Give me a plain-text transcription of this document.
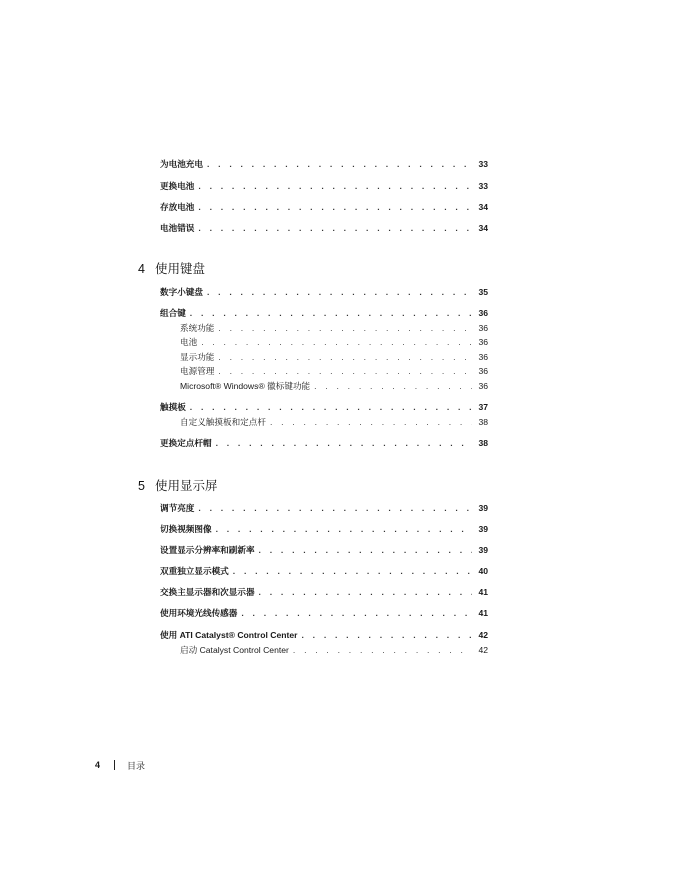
为电池充电 . . .	33
更换电池 . . .	33
存放电池 . . .	34
电池错误 . . .	34
4 使用键盘
数字小键盘 . . .	35
组合键 . . .	36
系统功能 . . .	36
电池 . . .	36
显示功能 . . .	36
电源管理 . . .	36
Microsoft® Windows® 徽标键功能 . . .	36
触摸板 . . .	37
自定义触摸板和定点杆 . . .	38
更换定点杆帽 . . .	38
5 使用显示屏
调节亮度 . . .	39
切换视频图像 . . .	39
设置显示分辨率和刷新率 . . .	39
双重独立显示模式 . . .	40
交换主显示器和次显示器 . . .	41
使用环境光线传感器 . . .	41
使用 ATI Catalyst® Control Center . . .	42
启动 Catalyst Control Center . . .	42
4	目录
